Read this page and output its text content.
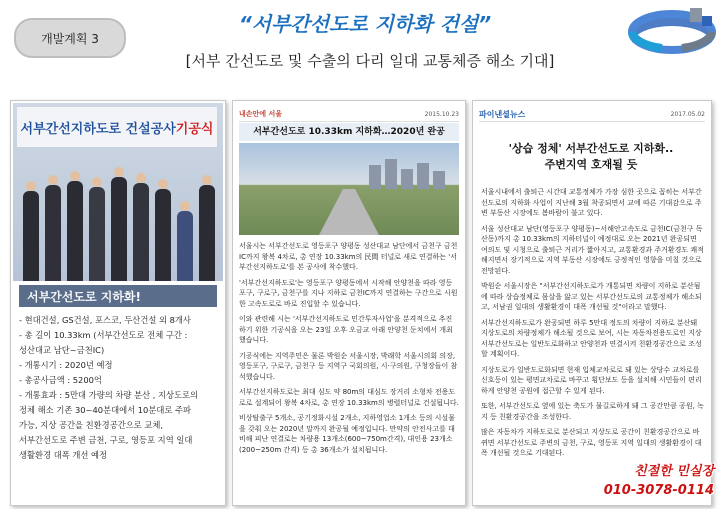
개발계획 3
“서부간선도로 지하화 건설”
[서부 간선도로 및 수출의 다리 일대 교통체증 해소 기대]
서부간선지하도로 건설공사 기공식
서부간선도로 지하화!
- 현대건설, GS건설, 포스코, 두산건설 외 8개사
- 총 길이 10.33km (서부간선도로 전체 구간 :
성산대교 남단~금천IC)
- 개통시기 : 2020년 예정
- 총공사금액 : 5200억
- 개통효과 : 5만대 가량의 차량 분산 , 지상도로의
정체 해소 기존 30~40분대에서 10분대로 주파
가능, 지상 공간을 친환경공간으로 교체,
서부간선도로 주변 금천, 구로, 영등포 지역 일대
생활환경 대폭 개선 예정
내손안에 서울	2015.10.23
서부간선도로 10.33km 지하화…2020년 완공

서울시는 서부간선도로 영등포구 양평동 성산대교 남단에서 금천구 금천IC까지 왕복 4차로, 총 연장 10.33km의 民間 터널로 새로 연결하는 '서부간선지하도로'를 본 공사에 착수했다.

'서부간선지하도로'는 영등포구 양평동에서 시작해 안양천을 따라 영등포구, 구로구, 금천구를 지나 지하로 금천IC까지 연결하는 구간으로 시원한 고속도로로 바로 진입할 수 있습니다.

이와 관련해 시는 '서부간선지하도로 민간투자사업'을 분격적으로 추진하기 위한 기공식을 오는 23일 오후 오금교 아래 안양천 둔치에서 개최했습니다.

기공식에는 지역주민은 물론 박원순 서울시장, 박래학 서울시의회 의장, 영등포구, 구로구, 금천구 등 지역구 국회의원, 시·구의원, 구청장들이 참석했습니다.

서부간선지하도로는 최대 심도 약 80m의 대심도 장거리 소형차 전용도로로 설계되어 왕복 4차로, 총 연장 10.33km의 병렬터널로 건설됩니다.

비상탈출구 5개소, 공기정화시설 2개소, 지하영업소 1개소 등의 시설물을 갖춰 오는 2020년 말까지 완공될 예정입니다. 만약의 안전사고를 대비해 피난 연결로는 차량용 13개소(600~750m간격), 대인용 23개소(200~250m 간격) 등 총 36개소가 설치됩니다.

파이낸셜뉴스	2017.05.02
'상습 정체' 서부간선도로 지하화..
주변지역 호재될 듯

서울시내에서 출퇴근 시간대 교통정체가 가장 심한 곳으로 꼽히는 서부간선도로의 지하화 사업이 지난해 3월 착공되면서 교에 따른 기대감으로 주변 부동산 시장에도 봄바람이 불고 있다.

서울 성산대교 남단(영등포구 양평동)~서해안고속도로 금천IC(금천구 독산동)까지 총 10.33km의 지하터널이 예정대로 오는 2021년 완공되면 여의도 및 시청으로 출퇴근 거리가 짧아지고, 교통환경과 주거환경도 쾌적해지면서 장기적으로 지역 부동산 시장에도 긍정적인 영향을 미칠 것으로 전망된다.

박원순 서울시장은 "서부간선지하도로가 개통되면 차량이 지하로 분산됨에 따라 상습정체로 몸살을 앓고 있는 서부간선도로의 교통정체가 해소되고, 서남권 일대의 생활환경이 대폭 개선될 것"이라고 말했다.

서부간선지하도로가 완공되면 하루 5만대 정도의 차량이 지하로 분산돼 지상도로의 차량정체가 해소될 것으로 보여, 시는 자동차전용도로인 지상 서부간선도로는 일반도로화하고 안양천과 연결시켜 친환경공간으로 조성할 계획이다.

지상도로가 일반도로화되면 현재 입체교차로로 돼 있는 상당수 교차로를 신호등이 있는 평면교차로로 바꾸고 횡단보도 등을 설치해 시민들이 편리하게 안양천 공원에 접근할 수 있게 된다.

또한, 서부간선도로 옆에 있는 축도가 물길로하게 돼 그 공간만큼 공원, 녹지 등 친환경공간을 조성한다.

많은 자동차가 지하도로로 분산되고 지상도로 공간이 친환경공간으로 바뀌면 서부간선도로 주변의 금천, 구로, 영등포 지역 일대의 생활환경이 대폭 개선될 것으로 기대된다.

친절한 민실장
010-3078-0114
